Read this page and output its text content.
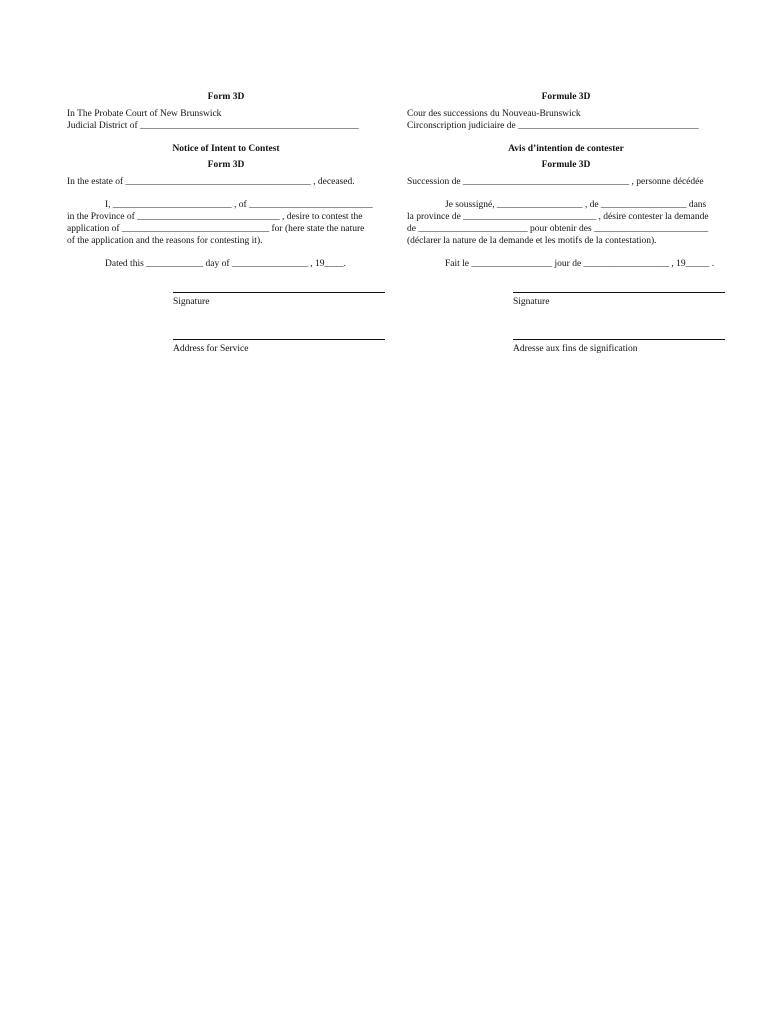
Form 3D
In The Probate Court of New Brunswick
Judicial District of ______________________________________________
Notice of Intent to Contest
Form 3D
In the estate of _______________________________________ , deceased.
I, _________________________ , of __________________________
in the Province of ______________________________ , desire to contest the
application of _______________________________ for (here state the nature
of the application and the reasons for contesting it).
Dated this ____________ day of ________________ , 19____.
Signature
Address for Service
Formule 3D
Cour des successions du Nouveau-Brunswick
Circonscription judiciaire de ______________________________________
Avis d’intention de contester
Formule 3D
Succession de ___________________________________ , personne décédée
Je soussigné, __________________ , de __________________ dans
la province de ____________________________ , désire contester la demande
de _______________________ pour obtenir des ________________________
(déclarer la nature de la demande et les motifs de la contestation).
Fait le _________________ jour de __________________ , 19_____ .
Signature
Adresse aux fins de signification
